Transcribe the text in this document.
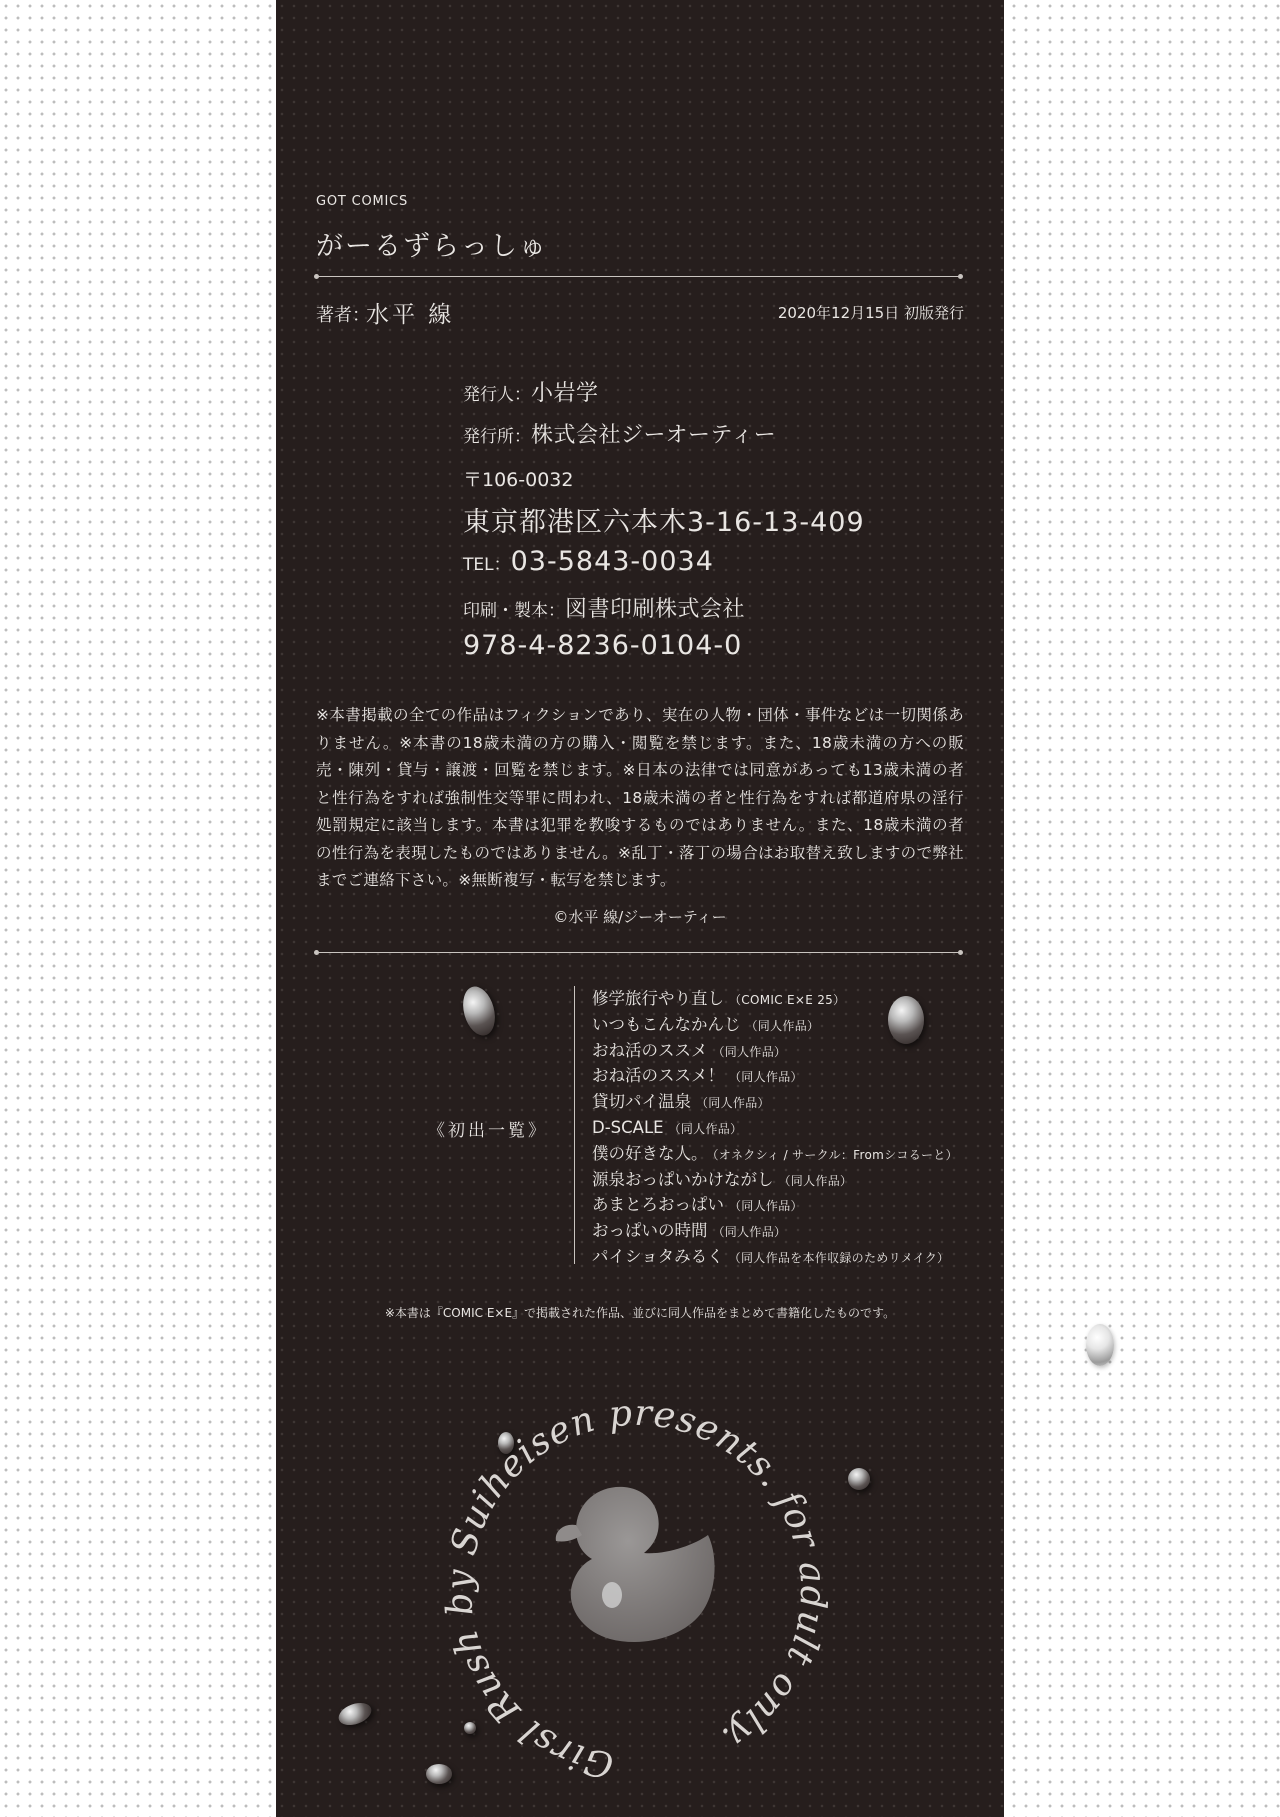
GOT COMICS
がーるずらっしゅ
著者：
水平 線	2020年12月15日 初版発行
発行人：小岩学
発行所：株式会社ジーオーティー
〒106-0032
東京都港区六本木3-16-13-409
TEL：03-5843-0034
印刷・製本：図書印刷株式会社
978-4-8236-0104-0
※本書掲載の全ての作品はフィクションであり、実在の人物・団体・事件などは一切関係ありません。※本書の18歳未満の方の購入・閲覧を禁じます。また、18歳未満の方への販売・陳列・貸与・譲渡・回覧を禁じます。※日本の法律では同意があっても13歳未満の者と性行為をすれば強制性交等罪に問われ、18歳未満の者と性行為をすれば都道府県の淫行処罰規定に該当します。本書は犯罪を教唆するものではありません。また、18歳未満の者の性行為を表現したものではありません。※乱丁・落丁の場合はお取替え致しますので弊社までご連絡下さい。※無断複写・転写を禁じます。
©水平 線/ジーオーティー
《初出一覧》
修学旅行やり直し （COMIC E×E 25）
いつもこんなかんじ （同人作品）
おね活のススメ （同人作品）
おね活のススメ！ （同人作品）
貸切パイ温泉 （同人作品）
D-SCALE （同人作品）
僕の好きな人。 （オネクシィ / サークル：Fromシコるーと）
源泉おっぱいかけながし （同人作品）
あまとろおっぱい （同人作品）
おっぱいの時間 （同人作品）
パイショタみるく （同人作品を本作収録のためリメイク）
※本書は『COMIC E×E』で掲載された作品、並びに同人作品をまとめて書籍化したものです。
Girsl Rush by Suiheisen presents. for adult only.
